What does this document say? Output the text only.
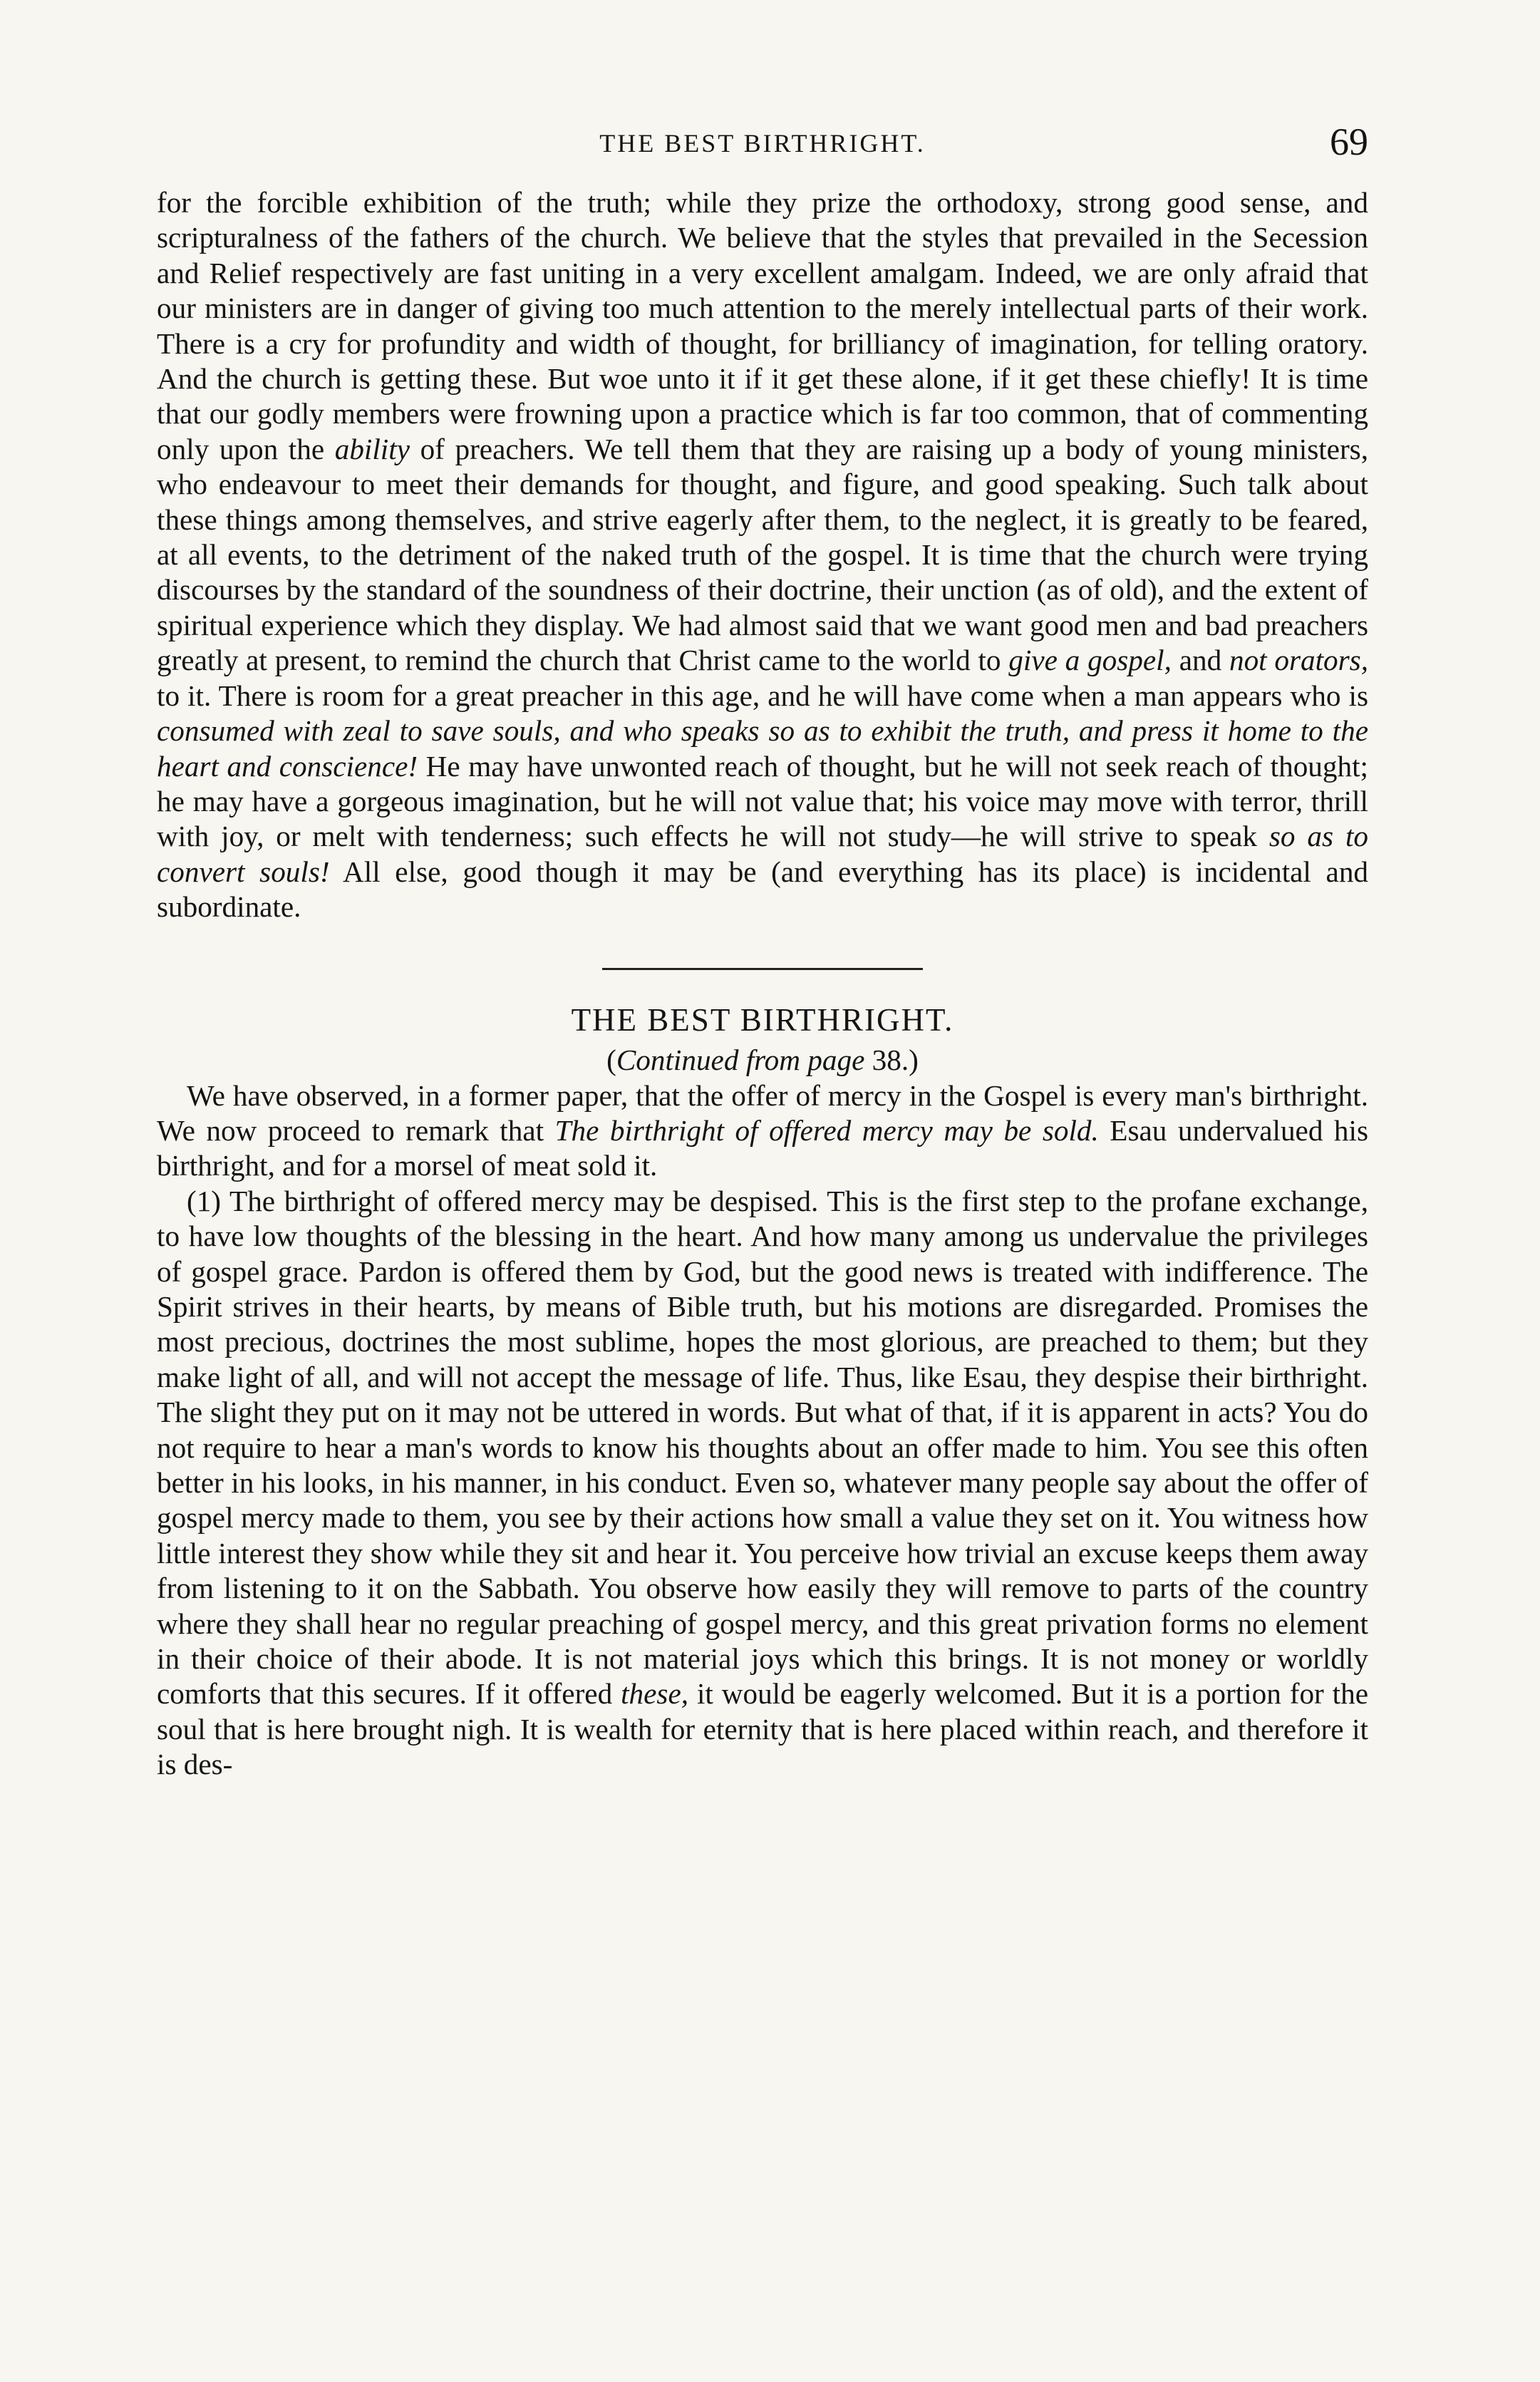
THE BEST BIRTHRIGHT.	69

for the forcible exhibition of the truth; while they prize the orthodoxy, strong good sense, and scripturalness of the fathers of the church. We believe that the styles that prevailed in the Secession and Relief respectively are fast uniting in a very excellent amalgam. Indeed, we are only afraid that our ministers are in danger of giving too much attention to the merely intellectual parts of their work. There is a cry for profundity and width of thought, for brilliancy of imagination, for telling oratory. And the church is getting these. But woe unto it if it get these alone, if it get these chiefly! It is time that our godly members were frowning upon a practice which is far too common, that of commenting only upon the ability of preachers. We tell them that they are raising up a body of young ministers, who endeavour to meet their demands for thought, and figure, and good speaking. Such talk about these things among themselves, and strive eagerly after them, to the neglect, it is greatly to be feared, at all events, to the detriment of the naked truth of the gospel. It is time that the church were trying discourses by the standard of the soundness of their doctrine, their unction (as of old), and the extent of spiritual experience which they display. We had almost said that we want good men and bad preachers greatly at present, to remind the church that Christ came to the world to give a gospel, and not orators, to it. There is room for a great preacher in this age, and he will have come when a man appears who is consumed with zeal to save souls, and who speaks so as to exhibit the truth, and press it home to the heart and conscience! He may have unwonted reach of thought, but he will not seek reach of thought; he may have a gorgeous imagination, but he will not value that; his voice may move with terror, thrill with joy, or melt with tenderness; such effects he will not study—he will strive to speak so as to convert souls! All else, good though it may be (and everything has its place) is incidental and subordinate.

THE BEST BIRTHRIGHT.
(Continued from page 38.)

We have observed, in a former paper, that the offer of mercy in the Gospel is every man's birthright. We now proceed to remark that The birthright of offered mercy may be sold. Esau undervalued his birthright, and for a morsel of meat sold it.

(1) The birthright of offered mercy may be despised. This is the first step to the profane exchange, to have low thoughts of the blessing in the heart. And how many among us undervalue the privileges of gospel grace. Pardon is offered them by God, but the good news is treated with indifference. The Spirit strives in their hearts, by means of Bible truth, but his motions are disregarded. Promises the most precious, doctrines the most sublime, hopes the most glorious, are preached to them; but they make light of all, and will not accept the message of life. Thus, like Esau, they despise their birthright. The slight they put on it may not be uttered in words. But what of that, if it is apparent in acts? You do not require to hear a man's words to know his thoughts about an offer made to him. You see this often better in his looks, in his manner, in his conduct. Even so, whatever many people say about the offer of gospel mercy made to them, you see by their actions how small a value they set on it. You witness how little interest they show while they sit and hear it. You perceive how trivial an excuse keeps them away from listening to it on the Sabbath. You observe how easily they will remove to parts of the country where they shall hear no regular preaching of gospel mercy, and this great privation forms no element in their choice of their abode. It is not material joys which this brings. It is not money or worldly comforts that this secures. If it offered these, it would be eagerly welcomed. But it is a portion for the soul that is here brought nigh. It is wealth for eternity that is here placed within reach, and therefore it is des-
